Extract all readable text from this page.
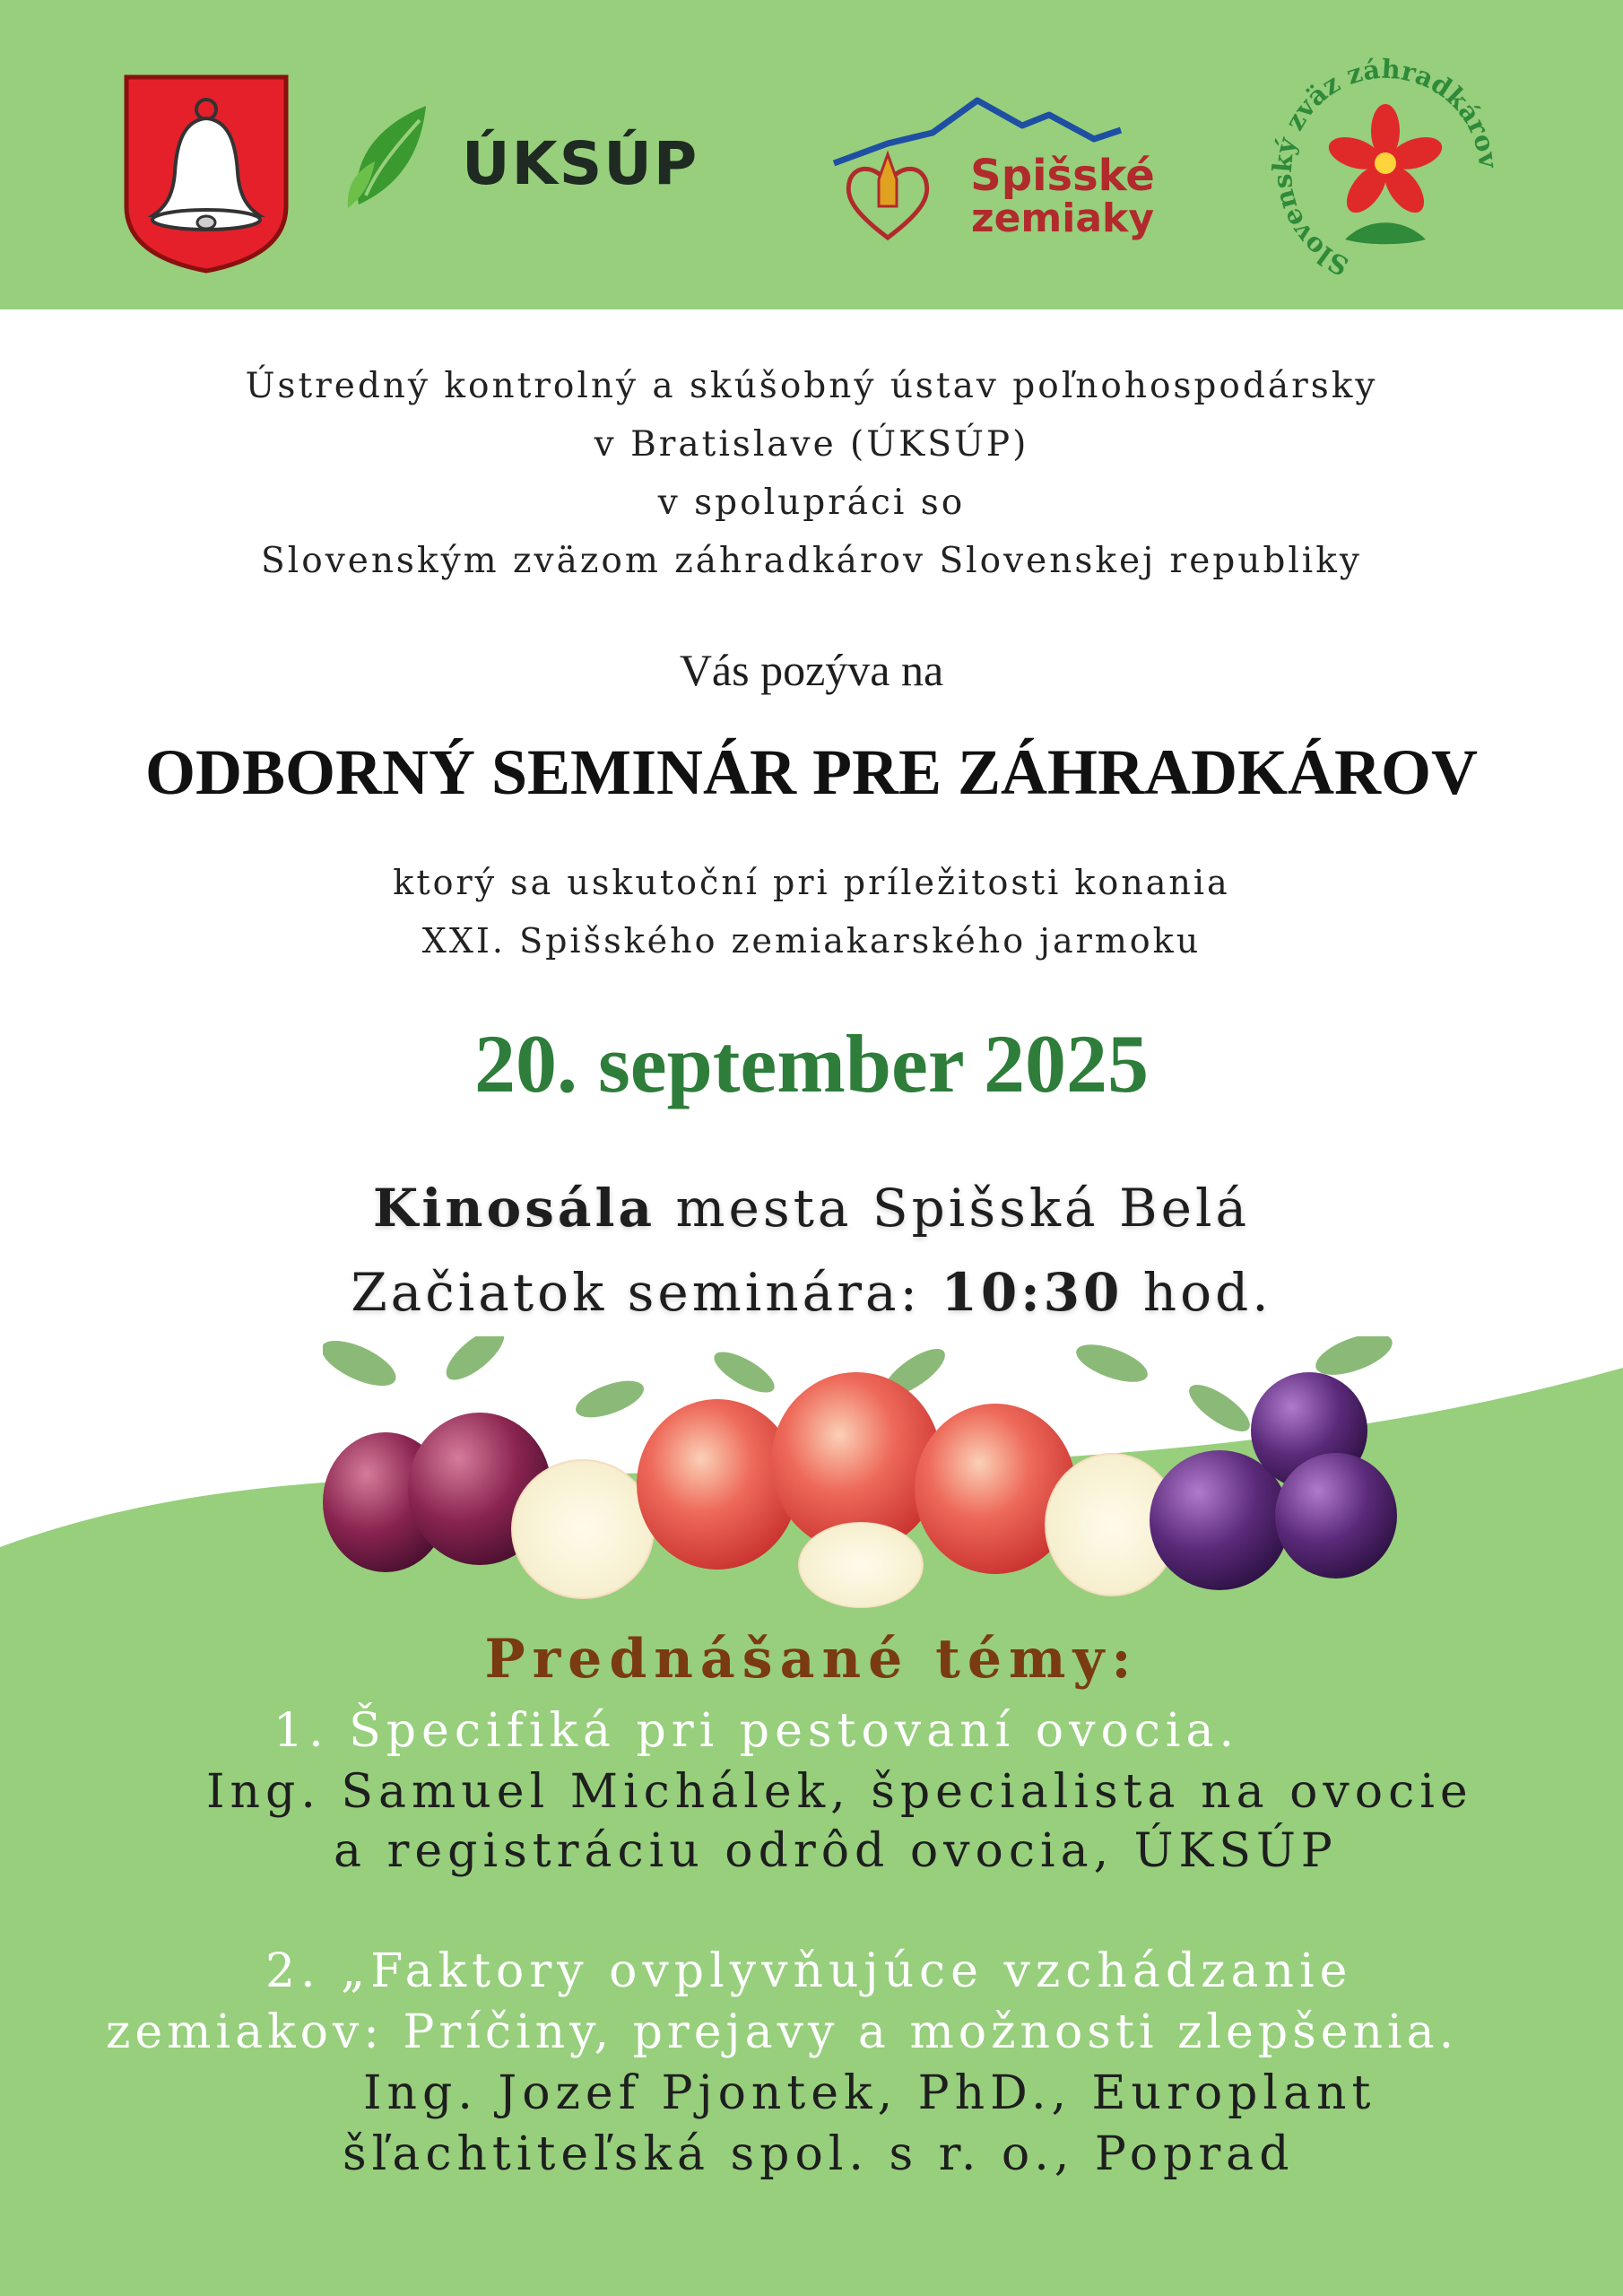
ÚKSÚP	Spišské
zemiaky
Slovenský zväz záhradkárov
Ústredný kontrolný a skúšobný ústav poľnohospodársky
v Bratislave (ÚKSÚP)
v spolupráci so
Slovenským zväzom záhradkárov Slovenskej republiky
Vás pozýva na
ODBORNÝ SEMINÁR PRE ZÁHRADKÁROV
ktorý sa uskutoční pri príležitosti konania
XXI. Spišského zemiakarského jarmoku
20. september 2025
Kinosála mesta Spišská Belá
Začiatok seminára: 10:30 hod.
Prednášané témy:
1. Špecifiká pri pestovaní ovocia.
Ing. Samuel Michálek, špecialista na ovocie
a registráciu odrôd ovocia, ÚKSÚP
2. „Faktory ovplyvňujúce vzchádzanie
zemiakov: Príčiny, prejavy a možnosti zlepšenia.
Ing. Jozef Pjontek, PhD., Europlant
šľachtiteľská spol. s r. o., Poprad
